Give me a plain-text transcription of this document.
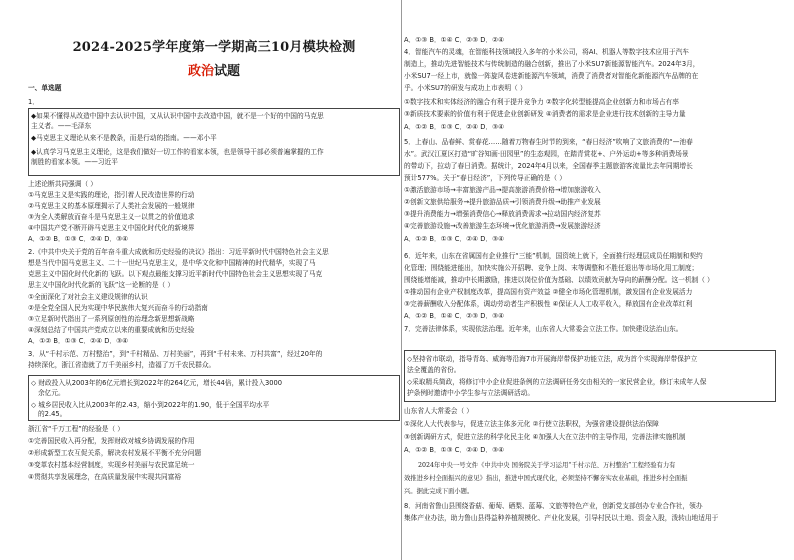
2024-2025学年度第一学期高三10月模块检测
政治试题
一、单选题
1．
◆如果不懂得从改造中国中去认识中国，又从认识中国中去改造中国，就不是一个好的中国的马克思
主义者。——毛泽东
◆马克思主义理论从来不是教条，而是行动的指南。——邓小平
◆认真学习马克思主义理论，这是我们做好一切工作的看家本领，也是领导干部必须普遍掌握的工作
制胜的看家本领。——习近平
上述论断共同强调（ ）
①马克思主义是实践的理论，指引着人民改造世界的行动
②马克思主义的基本原理揭示了人类社会发展的一般规律
③为全人类解放而奋斗是马克思主义一以贯之的价值追求
④中国共产党不断开辟马克思主义中国化时代化的新境界
A．①② B．①③ C．②④ D．③④
2.《中共中央关于党的百年奋斗重大成就和历史经验的决议》指出：习近平新时代中国特色社会主义思
想是当代中国马克思主义、二十一世纪马克思主义，是中华文化和中国精神的时代精华，实现了马
克思主义中国化时代化新的飞跃。以下观点最能支撑习近平新时代中国特色社会主义思想实现了马克
思主义中国化时代化新的飞跃”这一论断的是（ ）
①全面深化了对社会主义建设规律的认识
②是全党全国人民为实现中华民族伟大复兴而奋斗的行动指南
③立足新时代指出了一系列原创性的治理念新思想新战略
④深刻总结了中国共产党成立以来的重要成就和历史经验
A．①② B．①③ C．②④ D．③④
3．从“千村示范、万村整治”，到“千村精品、万村美丽”，再到“千村未来、万村共富”，经过20年的
持续深化，浙江省造就了万千美丽乡村，造福了万千农民群众。
◇ 财政投入从2003年的6亿元增长到2022年的264亿元，增长44倍，累计投入3000
余亿元。
◇ 城乡居民收入比从2003年的2.43，缩小到2022年的1.90，低于全国平均水平
的2.45。
浙江省“千万工程”的经验是（ ）
①完善国民收入再分配，发挥财政对城乡协调发展的作用
②形成新型工农互促关系，解决农村发展不平衡不充分问题
③变革农村基本经营制度，实现乡村美丽与农民富足统一
④贯彻共享发展理念，在高质量发展中实现共同富裕
A．①③ B．①④ C．②③ D．②④
4．智能汽车的灵魂，在智能科技领域投入多年的小米公司，将AI、机器人等数字技术应用于汽车
制造上，推动先进智能技术与传统制造的融合创新，推出了小米SU7新能源智能汽车。2024年3月，
小米SU7一经上市，就像一阵旋风卷进新能源汽车领域，消费了消费者对智能化新能源汽车品牌的在
乎。小米SU7的研发与成功上市表明（ ）
①数字技术和实体经济的融合有利于提升竞争力 ②数字化转型能提高企业创新力和市场占有率
③新质技术要素的价值有利于促进企业创新研发 ④消费者的需求是企业进行技术创新的主导力量
A．①② B．①③ C．②④ D．③④
5．上春山、品春鲜、赏春花……随着万物春生时节的到来，“春日经济”吹响了文旅消费的“—池春
水”。武汉江夏区打造“旷谷知画·田园里”的生态观园，在踏青赏花+、户外运动+等多种消费场景
的带动下，拉动了春日消费。据统计，2024年4月以来，全国春季主题旅游客流量比去年同期增长
预计577%。关于“春日经济”，下列传导正确的是（ ）
①激活旅游市场→丰富旅游产品→提高旅游消费价格→增加旅游收入
②创新文旅供给服务→提升旅游品质→引领消费升级→助推产业发展
③提升消费能力→增强消费信心→释放消费需求→拉动国内经济复苏
④完善旅游设施→改善旅游生态环境→优化旅游消费→发展旅游经济
A．①② B．①③ C．②④ D．③④
6．近年来，山东在省属国有企业推行“三能”机制，国资统上就下，全面推行经理层成员任期制和契约
化管理；围绕能进能出，加快实施公开招聘、竞争上岗、末等调整和不胜任退出等市场化用工制度；
围绕能增能减，推动中长期激励，推进以岗位价值为基础、以绩效贡献为导向的薪酬分配。这一机制（ ）
①推动国有企业产权制度改革，提高国有资产效益 ②健全市场化管理机制，激发国有企业发展活力
③完善薪酬收入分配体系，调动劳动者生产积极性 ④保证人人工收平收入，释放国有企业改革红利
A．①② B．①④ C．②③ D．③④
7．完善法律体系，实现依法治理。近年来，山东省人大常委会立法工作。加快建设法治山东。
◇坚持省市联动，指导青岛、威海等沿海7市开展海岸带保护功能立法，成为首个实现海岸带保护立
法全覆盖的省份。
◇采取精兵简政，将修订中小企业促进条例的立法调研任务交由相关的一家民营企业，修订未成年人保
护条例时邀请中小学生参与立法调研活动。
山东省人大常委会（ ）
①深化人大代表参与，促进立法主体多元化 ②行使立法职权，为强省建设提供法治保障
③创新调研方式，促进立法的科学化民主化 ④加强人大在立法中的主导作用，完善法律实施机制
A．①② B．①③ C．②④ D．③④
2024年中央一号文件《中共中央 国务院关于学习运用“千村示范、万村整治”工程经验有力有
效推进乡村全面振兴的意见》指出，推进中国式现代化，必须坚持不懈夯实农业基础，推进乡村全面振
兴。据此完成下面小题。
8．河南省鲁山县围绕香菇、葡萄、硒梨、蓝莓、文旅等特色产业，创新党支部创办专业合作社，领办
集体产业办法，助力鲁山县得益种养植规模化、产业化发展，引导村民以土地、资金入股，泼转山地适用于
